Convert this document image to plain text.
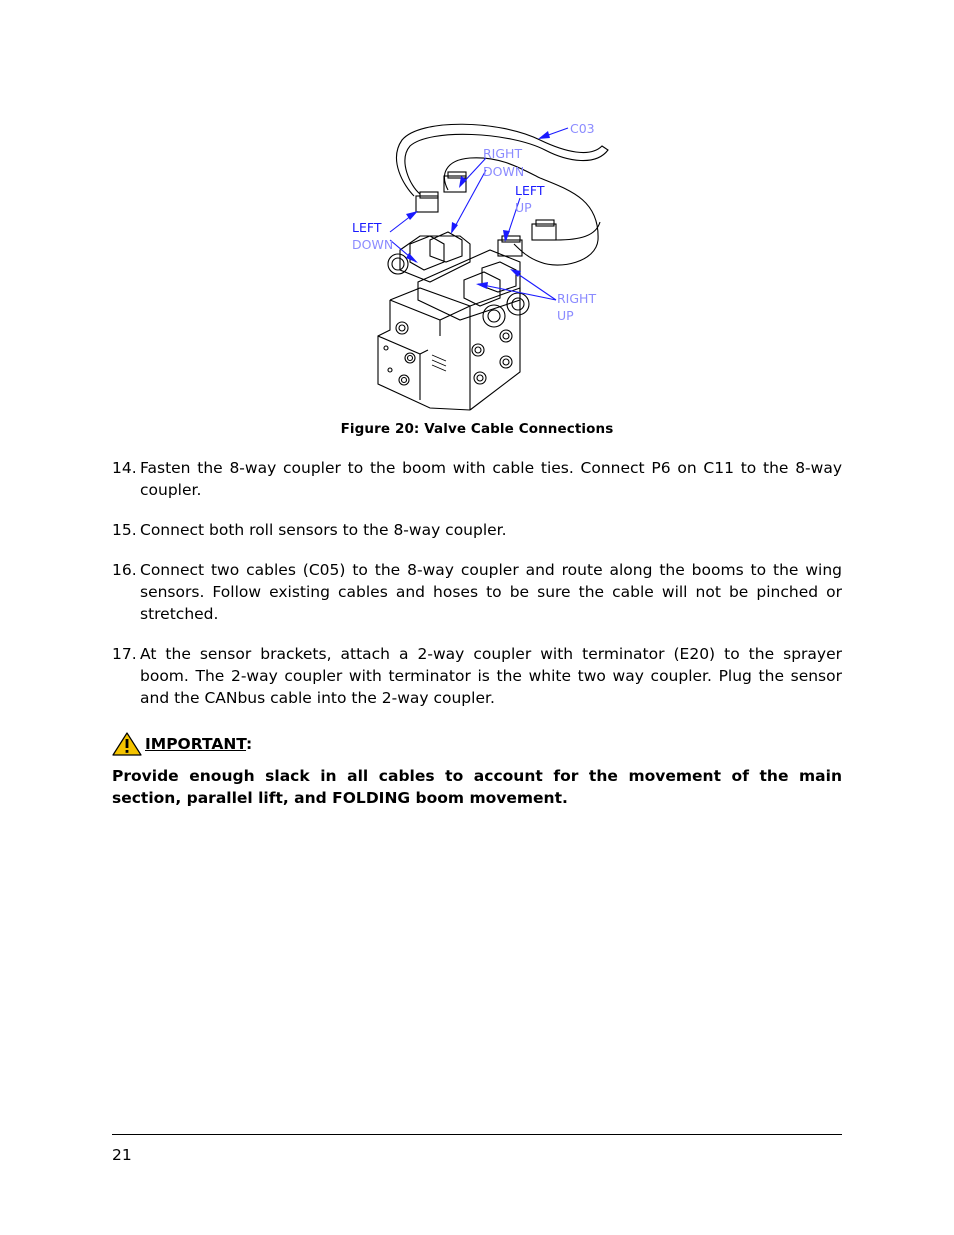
C03
RIGHT
DOWN
LEFT
UP
LEFT
DOWN
RIGHT
UP
Figure 20: Valve Cable Connections
14. Fasten the 8-way coupler to the boom with cable ties. Connect P6 on C11 to the 8-way coupler.
15. Connect both roll sensors to the 8-way coupler.
16. Connect two cables (C05) to the 8-way coupler and route along the booms to the wing sensors. Follow existing cables and hoses to be sure the cable will not be pinched or stretched.
17. At the sensor brackets, attach a 2-way coupler with terminator (E20) to the sprayer boom. The 2-way coupler with terminator is the white two way coupler. Plug the sensor and the CANbus cable into the 2-way coupler.
IMPORTANT:
Provide enough slack in all cables to account for the movement of the main section, parallel lift, and FOLDING boom movement.
21
